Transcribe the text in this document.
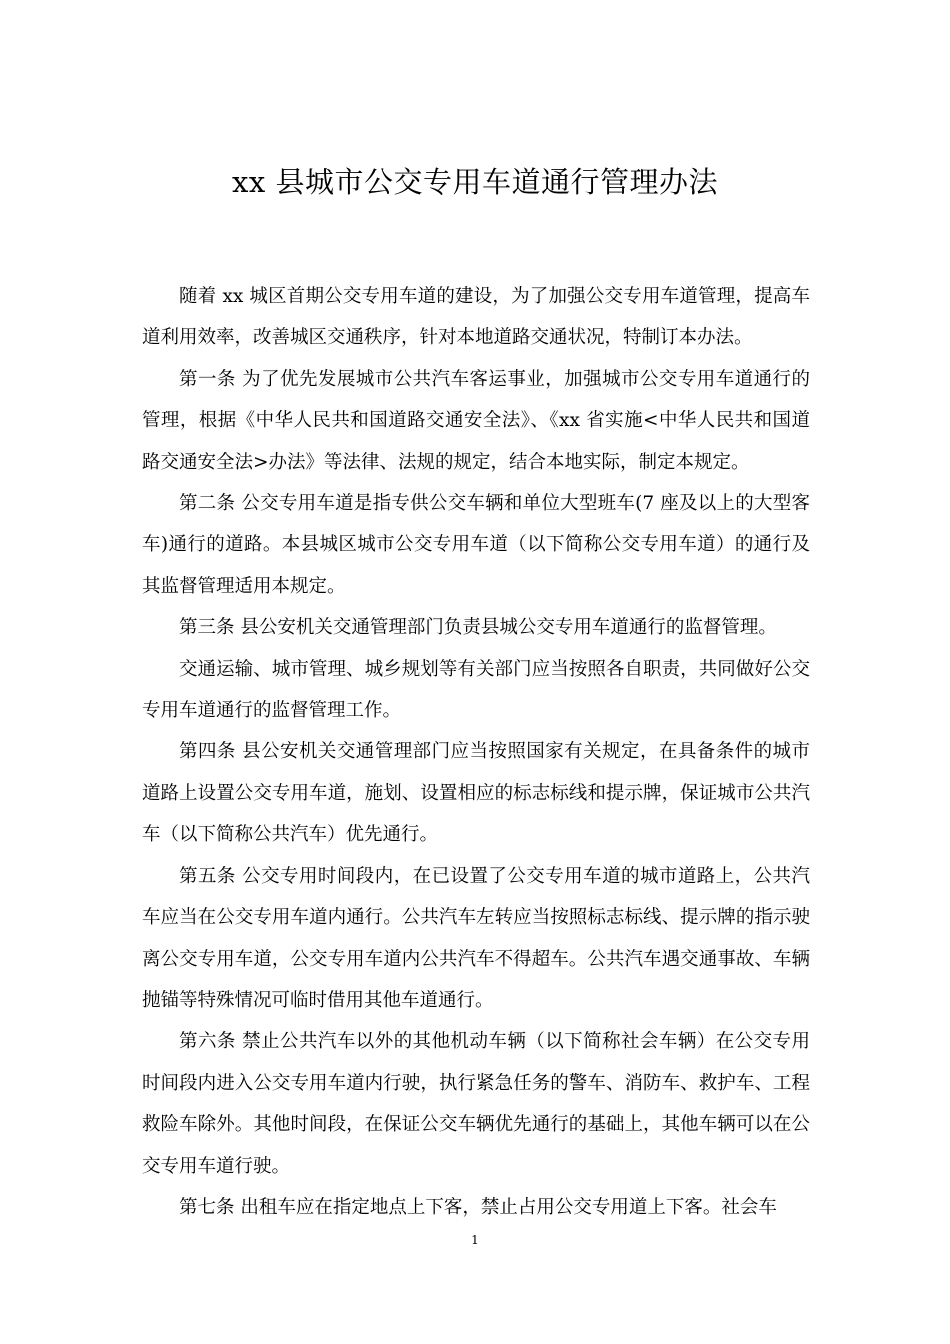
xx 县城市公交专用车道通行管理办法

随着 xx 城区首期公交专用车道的建设，为了加强公交专用车道管理，提高车道利用效率，改善城区交通秩序，针对本地道路交通状况，特制订本办法。

第一条 为了优先发展城市公共汽车客运事业，加强城市公交专用车道通行的管理，根据《中华人民共和国道路交通安全法》、《xx 省实施<中华人民共和国道路交通安全法>办法》等法律、法规的规定，结合本地实际，制定本规定。

第二条 公交专用车道是指专供公交车辆和单位大型班车(7 座及以上的大型客车)通行的道路。本县城区城市公交专用车道（以下简称公交专用车道）的通行及其监督管理适用本规定。

第三条 县公安机关交通管理部门负责县城公交专用车道通行的监督管理。

交通运输、城市管理、城乡规划等有关部门应当按照各自职责，共同做好公交专用车道通行的监督管理工作。

第四条 县公安机关交通管理部门应当按照国家有关规定，在具备条件的城市道路上设置公交专用车道，施划、设置相应的标志标线和提示牌，保证城市公共汽车（以下简称公共汽车）优先通行。

第五条 公交专用时间段内，在已设置了公交专用车道的城市道路上，公共汽车应当在公交专用车道内通行。公共汽车左转应当按照标志标线、提示牌的指示驶离公交专用车道，公交专用车道内公共汽车不得超车。公共汽车遇交通事故、车辆抛锚等特殊情况可临时借用其他车道通行。

第六条 禁止公共汽车以外的其他机动车辆（以下简称社会车辆）在公交专用时间段内进入公交专用车道内行驶，执行紧急任务的警车、消防车、救护车、工程救险车除外。其他时间段，在保证公交车辆优先通行的基础上，其他车辆可以在公交专用车道行驶。

第七条 出租车应在指定地点上下客，禁止占用公交专用道上下客。社会车

1
